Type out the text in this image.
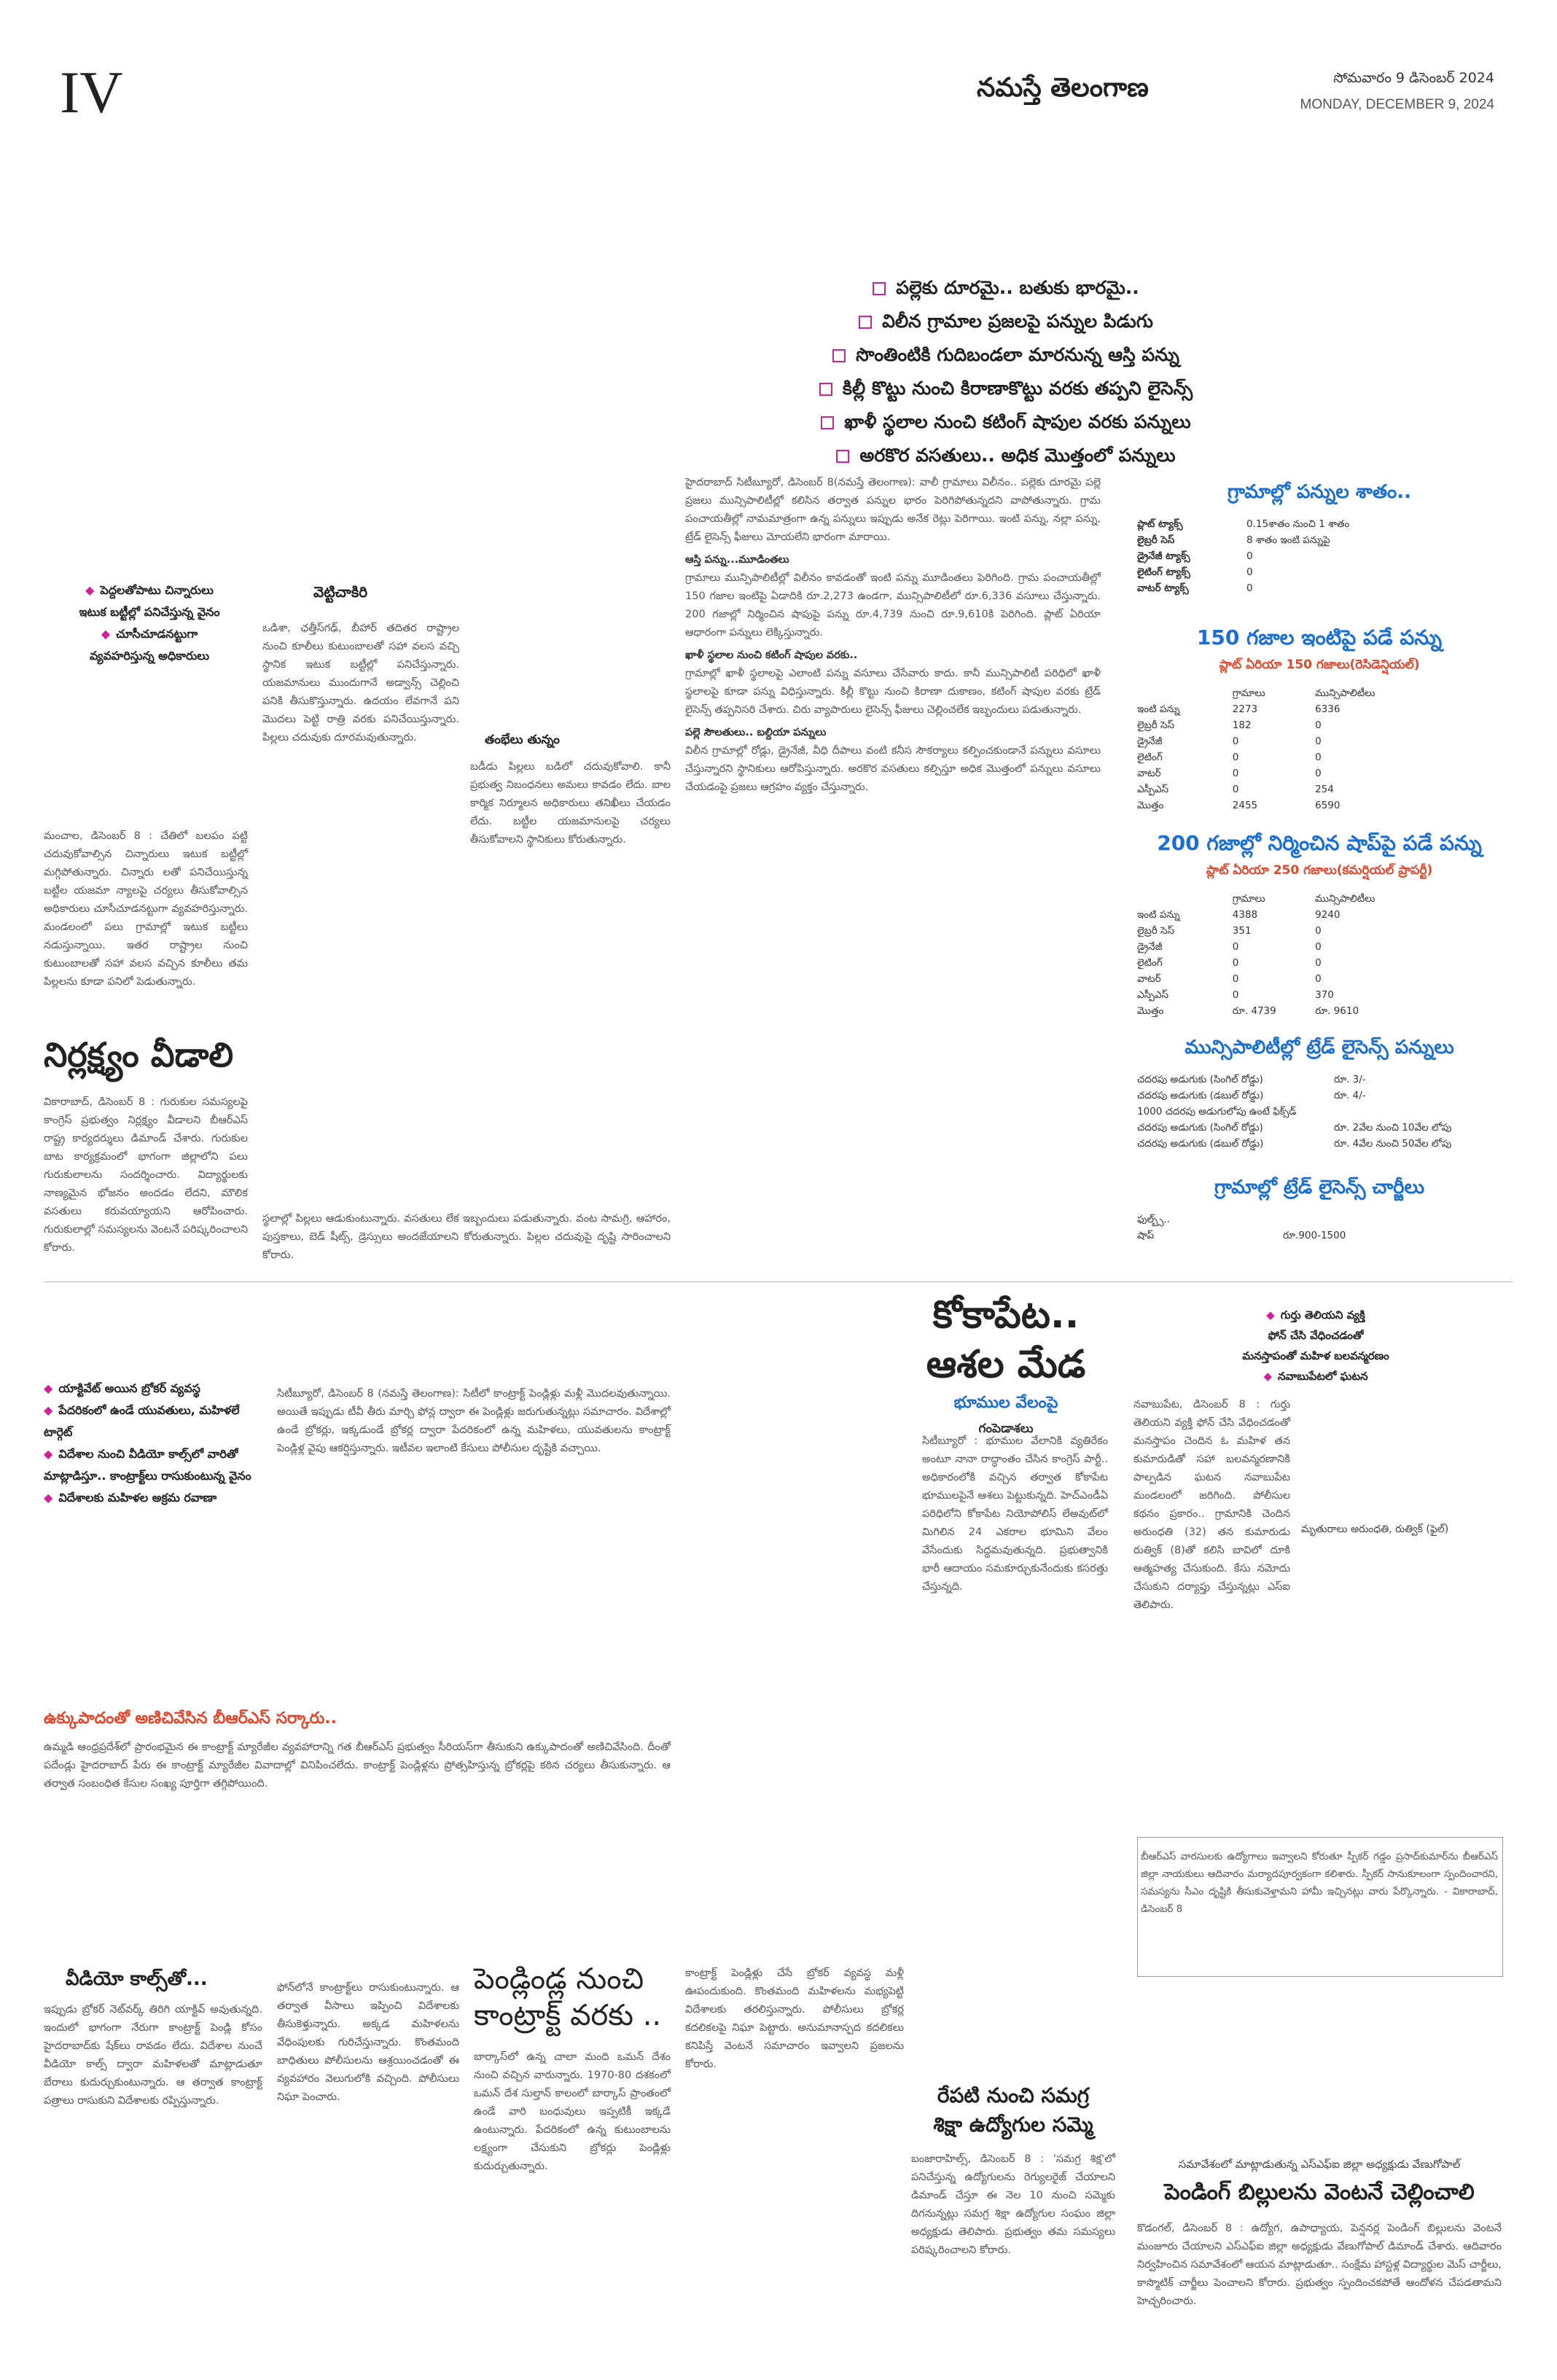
IV	నమస్తే తెలంగాణ	సోమవారం 9 డిసెంబర్ 2024
MONDAY, DECEMBER 9, 2024
పల్లెకు దూరమై.. బతుకు భారమై..
విలీన గ్రామాల ప్రజలపై పన్నుల పిడుగు
సొంతింటికి గుదిబండలా మారనున్న ఆస్తి పన్ను
కిల్లీ కొట్టు నుంచి కిరాణాకొట్టు వరకు తప్పని లైసెన్స్
ఖాళీ స్థలాల నుంచి కటింగ్ షాపుల వరకు పన్నులు
అరకొర వసతులు.. అధిక మొత్తంలో పన్నులు

హైదరాబాద్ సిటీబ్యూరో, డిసెంబర్ 8(నమస్తే తెలంగాణ): వాలీ గ్రామాలు విలీనం.. పల్లెకు దూరమై పల్లె ప్రజలు మున్సిపాలిటీల్లో కలిసిన తర్వాత పన్నుల భారం పెరిగిపోతున్నదని వాపోతున్నారు. గ్రామ పంచాయతీల్లో నామమాత్రంగా ఉన్న పన్నులు ఇప్పుడు అనేక రెట్లు పెరిగాయి. ఇంటి పన్ను, నల్లా పన్ను, ట్రేడ్ లైసెన్స్ ఫీజులు మోయలేని భారంగా మారాయి.

ఆస్తి పన్ను...మూడింతలు

గ్రామాలు మున్సిపాలిటీల్లో విలీనం కావడంతో ఇంటి పన్ను మూడింతలు పెరిగింది. గ్రామ పంచాయతీల్లో 150 గజాల ఇంటిపై ఏడాదికి రూ.2,273 ఉండగా, మున్సిపాలిటీలో రూ.6,336 వసూలు చేస్తున్నారు. 200 గజాల్లో నిర్మించిన షాపుపై పన్ను రూ.4,739 నుంచి రూ.9,610కి పెరిగింది. ప్లాట్ ఏరియా ఆధారంగా పన్నులు లెక్కిస్తున్నారు.

ఖాళీ స్థలాల నుంచి కటింగ్ షాపుల వరకు..

గ్రామాల్లో ఖాళీ స్థలాలపై ఎలాంటి పన్ను వసూలు చేసేవారు కాదు. కానీ మున్సిపాలిటీ పరిధిలో ఖాళీ స్థలాలపై కూడా పన్ను విధిస్తున్నారు. కిల్లీ కొట్టు నుంచి కిరాణా దుకాణం, కటింగ్ షాపుల వరకు ట్రేడ్ లైసెన్స్ తప్పనిసరి చేశారు. చిరు వ్యాపారులు లైసెన్స్ ఫీజులు చెల్లించలేక ఇబ్బందులు పడుతున్నారు.

పల్లె సౌలతులు.. బల్దియా పన్నులు

విలీన గ్రామాల్లో రోడ్లు, డ్రైనేజీ, వీధి దీపాలు వంటి కనీస సౌకర్యాలు కల్పించకుండానే పన్నులు వసూలు చేస్తున్నారని స్థానికులు ఆరోపిస్తున్నారు. అరకొర వసతులు కల్పిస్తూ అధిక మొత్తంలో పన్నులు వసూలు చేయడంపై ప్రజలు ఆగ్రహం వ్యక్తం చేస్తున్నారు.

గ్రామాల్లో పన్నుల శాతం..
ప్లాట్ ట్యాక్స్	0.15శాతం నుంచి 1 శాతం
లైబ్రరీ సెస్	8 శాతం ఇంటి పన్నుపై
డ్రైనేజీ ట్యాక్స్	0
లైటింగ్ ట్యాక్స్	0
వాటర్ ట్యాక్స్	0
150 గజాల ఇంటిపై పడే పన్ను
ప్లాట్ ఏరియా 150 గజాలు(రెసిడెన్షియల్)
గ్రామాలు	మున్సిపాలిటీలు
ఇంటి పన్ను	2273	6336
లైబ్రరీ సెస్	182	0
డ్రైనేజీ	0	0
లైటింగ్	0	0
వాటర్	0	0
ఎస్పీఎస్	0	254
మొత్తం	2455	6590
200 గజాల్లో నిర్మించిన షాప్‌పై పడే పన్ను
ప్లాట్ ఏరియా 250 గజాలు(కమర్షియల్ ప్రాపర్టీ)
గ్రామాలు	మున్సిపాలిటీలు
ఇంటి పన్ను	4388	9240
లైబ్రరీ సెస్	351	0
డ్రైనేజీ	0	0
లైటింగ్	0	0
వాటర్	0	0
ఎస్పీఎస్	0	370
మొత్తం	రూ. 4739	రూ. 9610
మున్సిపాలిటీల్లో ట్రేడ్ లైసెన్స్ పన్నులు
చదరపు అడుగుకు (సింగిల్ రోడ్డు)	రూ. 3/-
చదరపు అడుగుకు (డబుల్ రోడ్డు)	రూ. 4/-
1000 చదరపు అడుగులోపు ఉంటే ఫిక్స్‌డ్
చదరపు అడుగుకు (సింగిల్ రోడ్డు)	రూ. 2వేల నుంచి 10వేల లోపు
చదరపు అడుగుకు (డబుల్ రోడ్డు)	రూ. 4వేల నుంచి 50వేల లోపు
గ్రామాల్లో ట్రేడ్ లైసెన్స్ చార్జీలు
ఫుల్బ్స్..
షాప్	రూ.900-1500
◆ పెద్దలతోపాటు చిన్నారులు
ఇటుక బట్టీల్లో పనిచేస్తున్న వైనం
◆ చూసీచూడనట్టుగా
వ్యవహరిస్తున్న అధికారులు
వెట్టిచాకిరి
తంభేలు తున్నం
మంచాల, డిసెంబర్ 8 : చేతిలో బలపం పట్టి చదువుకోవాల్సిన చిన్నారులు ఇటుక బట్టీల్లో మగ్గిపోతున్నారు. చిన్నారు లతో పనిచేయిస్తున్న బట్టీల యజమా న్యాలపై చర్యలు తీసుకోవాల్సిన అధికారులు చూసీచూడనట్టుగా వ్యవహరిస్తున్నారు. మండలంలో పలు గ్రామాల్లో ఇటుక బట్టీలు నడుస్తున్నాయి. ఇతర రాష్ట్రాల నుంచి కుటుంబాలతో సహా వలస వచ్చిన కూలీలు తమ పిల్లలను కూడా పనిలో పెడుతున్నారు.
ఒడిశా, ఛత్తీస్‌గఢ్, బీహార్ తదితర రాష్ట్రాల నుంచి కూలీలు కుటుంబాలతో సహా వలస వచ్చి స్థానిక ఇటుక బట్టీల్లో పనిచేస్తున్నారు. యజమానులు ముందుగానే అడ్వాన్స్ చెల్లించి పనికి తీసుకొస్తున్నారు. ఉదయం లేవగానే పని మొదలు పెట్టి రాత్రి వరకు పనిచేయిస్తున్నారు. పిల్లలు చదువుకు దూరమవుతున్నారు.
బడీడు పిల్లలు బడిలో చదువుకోవాలి. కానీ ప్రభుత్వ నిబంధనలు అమలు కావడం లేదు. బాల కార్మిక నిర్మూలన అధికారులు తనిఖీలు చేయడం లేదు. బట్టీల యజమానులపై చర్యలు తీసుకోవాలని స్థానికులు కోరుతున్నారు.
స్థలాల్లో పిల్లలు ఆడుకుంటున్నారు. వసతులు లేక ఇబ్బందులు పడుతున్నారు. వంట సామగ్రి, ఆహారం, పుస్తకాలు, బెడ్ షీట్స్, డ్రెస్సులు అందజేయాలని కోరుతున్నారు. పిల్లల చదువుపై దృష్టి సారించాలని కోరారు.
నిర్లక్ష్యం వీడాలి
వికారాబాద్, డిసెంబర్ 8 : గురుకుల సమస్యలపై కాంగ్రెస్ ప్రభుత్వం నిర్లక్ష్యం వీడాలని బీఆర్ఎస్ రాష్ట్ర కార్యదర్శులు డిమాండ్ చేశారు. గురుకుల బాట కార్యక్రమంలో భాగంగా జిల్లాలోని పలు గురుకులాలను సందర్శించారు. విద్యార్థులకు నాణ్యమైన భోజనం అందడం లేదని, మౌలిక వసతులు కరువయ్యాయని ఆరోపించారు. గురుకులాల్లో సమస్యలను వెంటనే పరిష్కరించాలని కోరారు.
◆ యాక్టివేట్ అయిన బ్రోకర్ వ్యవస్థ
◆ పేదరికంలో ఉండే యువతులు, మహిళలే టార్గెట్
◆ విదేశాల నుంచి వీడియో కాల్స్‌లో వారితో మాట్లాడిస్తూ.. కాంట్రాక్ట్‌లు రాసుకుంటున్న వైనం
◆ విదేశాలకు మహిళల అక్రమ రవాణా
సిటీబ్యూరో, డిసెంబర్ 8 (నమస్తే తెలంగాణ): సిటీలో కాంట్రాక్ట్ పెండ్లిళ్లు మళ్లీ మొదలవుతున్నాయి. అయితే ఇప్పుడు టీవీ తీరు మార్చి ఫోన్ల ద్వారా ఈ పెండ్లిళ్లు జరుగుతున్నట్లు సమాచారం. విదేశాల్లో ఉండే బ్రోకర్లు, ఇక్కడుండే బ్రోకర్ల ద్వారా పేదరికంలో ఉన్న మహిళలు, యువతులను కాంట్రాక్ట్ పెండ్లిళ్ల వైపు ఆకర్షిస్తున్నారు. ఇటీవల ఇలాంటి కేసులు పోలీసుల దృష్టికి వచ్చాయి.
ఉక్కుపాదంతో అణిచివేసిన బీఆర్ఎస్ సర్కారు..
ఉమ్మడి ఆంధ్రప్రదేశ్‌లో ప్రారంభమైన ఈ కాంట్రాక్ట్ మ్యారేజీల వ్యవహారాన్ని గత బీఆర్ఎస్ ప్రభుత్వం సీరియస్‌గా తీసుకుని ఉక్కుపాదంతో అణిచివేసింది. దీంతో పదేండ్లు హైదరాబాద్ పేరు ఈ కాంట్రాక్ట్ మ్యారేజీల వివాదాల్లో వినిపించలేదు. కాంట్రాక్ట్ పెండ్లిళ్లను ప్రోత్సహిస్తున్న బ్రోకర్లపై కఠిన చర్యలు తీసుకున్నారు. ఆ తర్వాత సంబంధిత కేసుల సంఖ్య పూర్తిగా తగ్గిపోయింది.
వీడియో కాల్స్‌తో...
ఇప్పుడు బ్రోకర్ నెట్‌వర్క్ తిరిగి యాక్టివ్ అవుతున్నది. ఇందులో భాగంగా నేరుగా కాంట్రాక్ట్ పెండ్లి కోసం హైదరాబాద్‌కు షేక్‌లు రావడం లేదు. విదేశాల నుంచే వీడియో కాల్స్ ద్వారా మహిళలతో మాట్లాడుతూ బేరాలు కుదుర్చుకుంటున్నారు. ఆ తర్వాత కాంట్రాక్ట్ పత్రాలు రాసుకుని విదేశాలకు రప్పిస్తున్నారు.
ఫోన్‌లోనే కాంట్రాక్ట్‌లు రాసుకుంటున్నారు. ఆ తర్వాత వీసాలు ఇప్పించి విదేశాలకు తీసుకెళ్తున్నారు. అక్కడ మహిళలను వేధింపులకు గురిచేస్తున్నారు. కొంతమంది బాధితులు పోలీసులను ఆశ్రయించడంతో ఈ వ్యవహారం వెలుగులోకి వచ్చింది. పోలీసులు నిఘా పెంచారు.
పెండ్లిండ్ల నుంచి
కాంట్రాక్ట్ వరకు ..
బార్కాస్‌లో ఉన్న చాలా మంది ఒమన్ దేశం నుంచి వచ్చిన వారున్నారు. 1970-80 దశకంలో ఒమన్ దేశ సుల్తాన్ కాలంలో బార్కాస్ ప్రాంతంలో ఉండే వారి బంధువులు ఇప్పటికీ ఇక్కడే ఉంటున్నారు. పేదరికంలో ఉన్న కుటుంబాలను లక్ష్యంగా చేసుకుని బ్రోకర్లు పెండ్లిళ్లు కుదుర్చుతున్నారు.
కాంట్రాక్ట్ పెండ్లిళ్లు చేసే బ్రోకర్ వ్యవస్థ మళ్లీ ఊపందుకుంది. కొంతమంది మహిళలను మభ్యపెట్టి విదేశాలకు తరలిస్తున్నారు. పోలీసులు బ్రోకర్ల కదలికలపై నిఘా పెట్టారు. అనుమానాస్పద కదలికలు కనిపిస్తే వెంటనే సమాచారం ఇవ్వాలని ప్రజలను కోరారు.
కోకాపేట..
ఆశల మేడ
భూముల వేలంపై
గంపెడాశలు
సిటీబ్యూరో : భూముల వేలానికి వ్యతిరేకం అంటూ నానా రాద్ధాంతం చేసిన కాంగ్రెస్ పార్టీ.. అధికారంలోకి వచ్చిన తర్వాత కోకాపేట భూములపైనే ఆశలు పెట్టుకున్నది. హెచ్ఎండీఏ పరిధిలోని కోకాపేట నియోపోలిస్ లేఅవుట్‌లో మిగిలిన 24 ఎకరాల భూమిని వేలం వేసేందుకు సిద్ధమవుతున్నది. ప్రభుత్వానికి భారీ ఆదాయం సమకూర్చుకునేందుకు కసరత్తు చేస్తున్నది.
రేపటి నుంచి సమగ్ర
శిక్షా ఉద్యోగుల సమ్మె
బంజారాహిల్స్, డిసెంబర్ 8 : 'సమగ్ర శిక్ష'లో పనిచేస్తున్న ఉద్యోగులను రెగ్యులరైజ్ చేయాలని డిమాండ్ చేస్తూ ఈ నెల 10 నుంచి సమ్మెకు దిగనున్నట్లు సమగ్ర శిక్షా ఉద్యోగుల సంఘం జిల్లా అధ్యక్షుడు తెలిపారు. ప్రభుత్వం తమ సమస్యలు పరిష్కరించాలని కోరారు.
◆ గుర్తు తెలియని వ్యక్తి
ఫోన్ చేసి వేధించడంతో
మనస్తాపంతో మహిళ బలవన్మరణం
◆ నవాబుపేటలో ఘటన
మృతురాలు అరుంధతి, రుత్విక్ (ఫైల్)
నవాబుపేట, డిసెంబర్ 8 : గుర్తు తెలియని వ్యక్తి ఫోన్ చేసి వేధించడంతో మనస్తాపం చెందిన ఓ మహిళ తన కుమారుడితో సహా బలవన్మరణానికి పాల్పడిన ఘటన నవాబుపేట మండలంలో జరిగింది. పోలీసుల కథనం ప్రకారం.. గ్రామానికి చెందిన అరుంధతి (32) తన కుమారుడు రుత్విక్ (8)తో కలిసి బావిలో దూకి ఆత్మహత్య చేసుకుంది. కేసు నమోదు చేసుకుని దర్యాప్తు చేస్తున్నట్లు ఎస్ఐ తెలిపారు.
బీఆర్ఎస్ వారసులకు ఉద్యోగాలు ఇవ్వాలని కోరుతూ స్పీకర్ గడ్డం ప్రసాద్‌కుమార్‌ను బీఆర్ఎస్ జిల్లా నాయకులు ఆదివారం మర్యాదపూర్వకంగా కలిశారు. స్పీకర్ సానుకూలంగా స్పందించారని, సమస్యను సీఎం దృష్టికి తీసుకువెళ్తామని హామీ ఇచ్చినట్లు వారు పేర్కొన్నారు. - వికారాబాద్, డిసెంబర్ 8
సమావేశంలో మాట్లాడుతున్న ఎస్ఎఫ్ఐ జిల్లా అధ్యక్షుడు వేణుగోపాల్
పెండింగ్ బిల్లులను వెంటనే చెల్లించాలి
కొడంగల్, డిసెంబర్ 8 : ఉద్యోగ, ఉపాధ్యాయ, పెన్షనర్ల పెండింగ్ బిల్లులను వెంటనే మంజూరు చేయాలని ఎస్ఎఫ్ఐ జిల్లా అధ్యక్షుడు వేణుగోపాల్ డిమాండ్ చేశారు. ఆదివారం నిర్వహించిన సమావేశంలో ఆయన మాట్లాడుతూ.. సంక్షేమ హాస్టళ్ల విద్యార్థుల మెస్ చార్జీలు, కాస్మొటిక్ చార్జీలు పెంచాలని కోరారు. ప్రభుత్వం స్పందించకపోతే ఆందోళన చేపడతామని హెచ్చరించారు.
